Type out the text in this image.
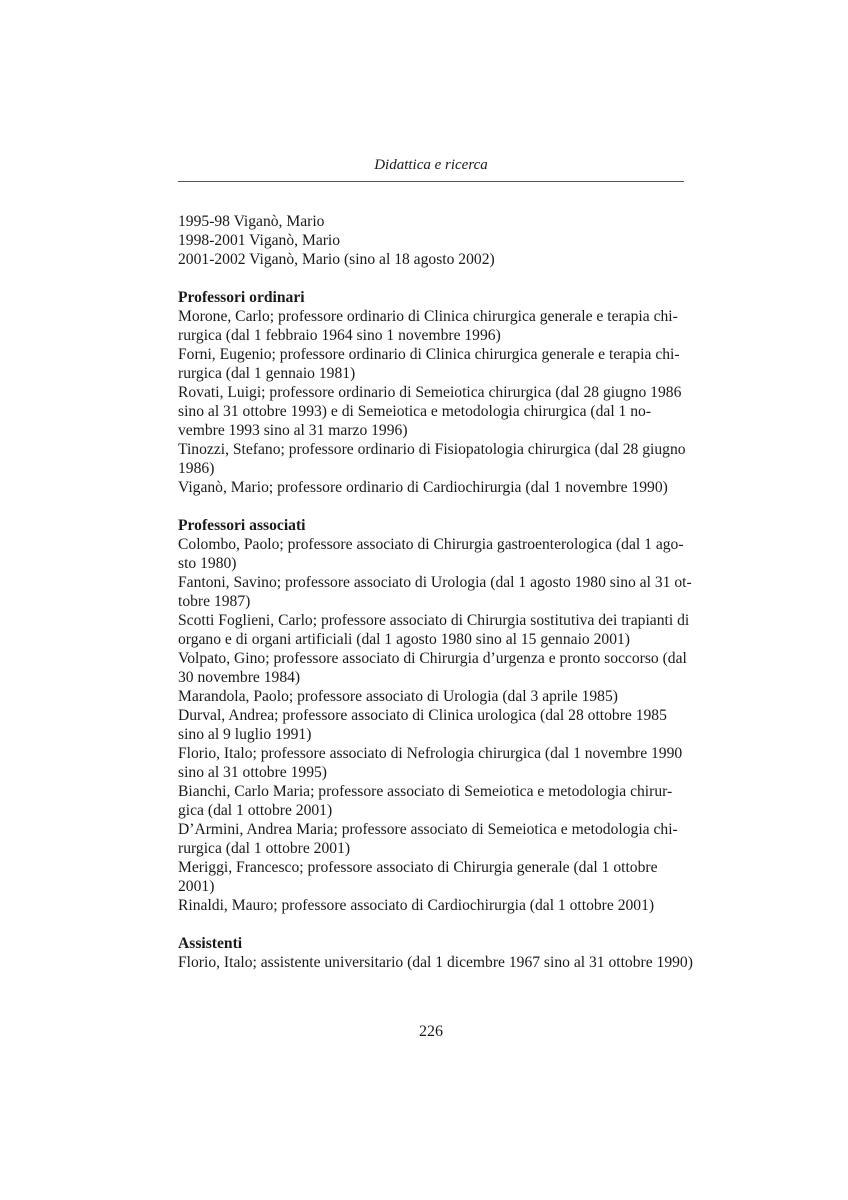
Didattica e ricerca

1995-98 Viganò, Mario

1998-2001 Viganò, Mario

2001-2002 Viganò, Mario (sino al 18 agosto 2002)

Professori ordinari

Morone, Carlo; professore ordinario di Clinica chirurgica generale e terapia chi-
rurgica (dal 1 febbraio 1964 sino 1 novembre 1996)

Forni, Eugenio; professore ordinario di Clinica chirurgica generale e terapia chi-
rurgica (dal 1 gennaio 1981)

Rovati, Luigi; professore ordinario di Semeiotica chirurgica (dal 28 giugno 1986
sino al 31 ottobre 1993) e di Semeiotica e metodologia chirurgica (dal 1 no-
vembre 1993 sino al 31 marzo 1996)

Tinozzi, Stefano; professore ordinario di Fisiopatologia chirurgica (dal 28 giugno
1986)

Viganò, Mario; professore ordinario di Cardiochirurgia (dal 1 novembre 1990)

Professori associati

Colombo, Paolo; professore associato di Chirurgia gastroenterologica (dal 1 ago-
sto 1980)

Fantoni, Savino; professore associato di Urologia (dal 1 agosto 1980 sino al 31 ot-
tobre 1987)

Scotti Foglieni, Carlo; professore associato di Chirurgia sostitutiva dei trapianti di
organo e di organi artificiali (dal 1 agosto 1980 sino al 15 gennaio 2001)

Volpato, Gino; professore associato di Chirurgia d’urgenza e pronto soccorso (dal
30 novembre 1984)

Marandola, Paolo; professore associato di Urologia (dal 3 aprile 1985)

Durval, Andrea; professore associato di Clinica urologica (dal 28 ottobre 1985
sino al 9 luglio 1991)

Florio, Italo; professore associato di Nefrologia chirurgica (dal 1 novembre 1990
sino al 31 ottobre 1995)

Bianchi, Carlo Maria; professore associato di Semeiotica e metodologia chirur-
gica (dal 1 ottobre 2001)

D’Armini, Andrea Maria; professore associato di Semeiotica e metodologia chi-
rurgica (dal 1 ottobre 2001)

Meriggi, Francesco; professore associato di Chirurgia generale (dal 1 ottobre
2001)

Rinaldi, Mauro; professore associato di Cardiochirurgia (dal 1 ottobre 2001)

Assistenti

Florio, Italo; assistente universitario (dal 1 dicembre 1967 sino al 31 ottobre 1990)

226
